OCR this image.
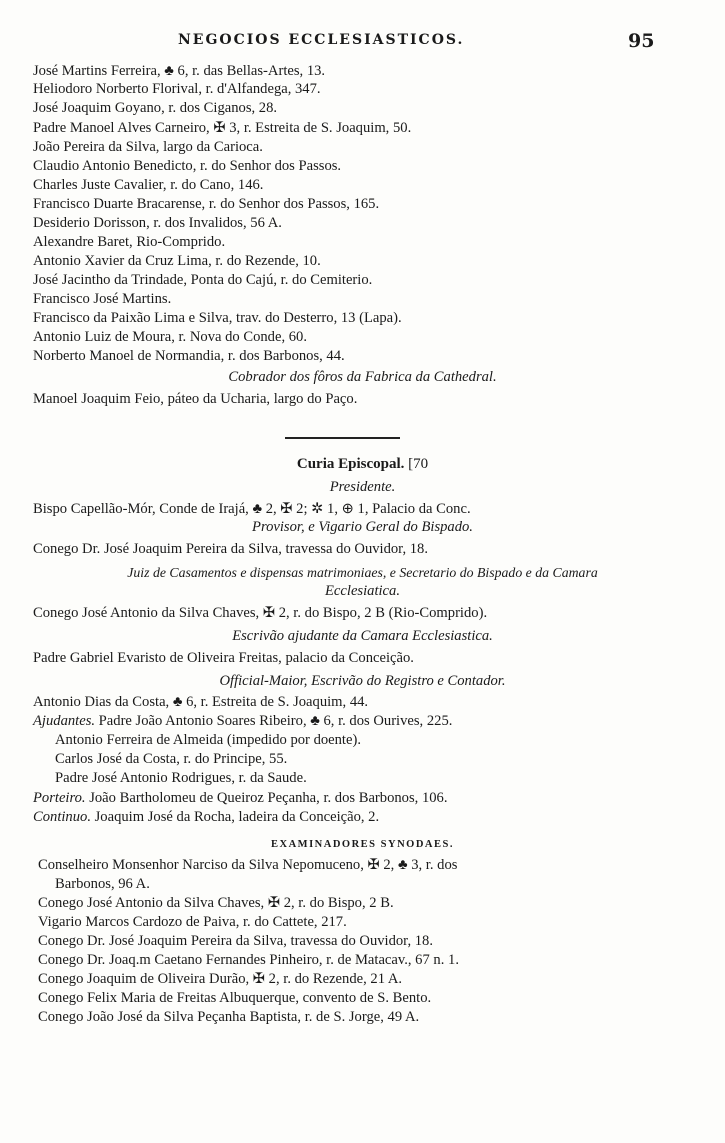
NEGOCIOS ECCLESIASTICOS.	95
José Martins Ferreira, ♣ 6, r. das Bellas-Artes, 13.
Heliodoro Norberto Florival, r. d'Alfandega, 347.
José Joaquim Goyano, r. dos Ciganos, 28.
Padre Manoel Alves Carneiro, ✠ 3, r. Estreita de S. Joaquim, 50.
João Pereira da Silva, largo da Carioca.
Claudio Antonio Benedicto, r. do Senhor dos Passos.
Charles Juste Cavalier, r. do Cano, 146.
Francisco Duarte Bracarense, r. do Senhor dos Passos, 165.
Desiderio Dorisson, r. dos Invalidos, 56 A.
Alexandre Baret, Rio-Comprido.
Antonio Xavier da Cruz Lima, r. do Rezende, 10.
José Jacintho da Trindade, Ponta do Cajú, r. do Cemiterio.
Francisco José Martins.
Francisco da Paixão Lima e Silva, trav. do Desterro, 13 (Lapa).
Antonio Luiz de Moura, r. Nova do Conde, 60.
Norberto Manoel de Normandia, r. dos Barbonos, 44.
Cobrador dos fôros da Fabrica da Cathedral.
Manoel Joaquim Feio, páteo da Ucharia, largo do Paço.
Curia Episcopal. [70
Presidente.
Bispo Capellão-Mór, Conde de Irajá, ♣ 2, ✠ 2; ✲ 1, ⊕ 1, Palacio da Conc.
Provisor, e Vigario Geral do Bispado.
Conego Dr. José Joaquim Pereira da Silva, travessa do Ouvidor, 18.
Juiz de Casamentos e dispensas matrimoniaes, e Secretario do Bispado e da Camara
Ecclesiatica.
Conego José Antonio da Silva Chaves, ✠ 2, r. do Bispo, 2 B (Rio-Comprido).
Escrivão ajudante da Camara Ecclesiastica.
Padre Gabriel Evaristo de Oliveira Freitas, palacio da Conceição.
Official-Maior, Escrivão do Registro e Contador.
Antonio Dias da Costa, ♣ 6, r. Estreita de S. Joaquim, 44.
Ajudantes. Padre João Antonio Soares Ribeiro, ♣ 6, r. dos Ourives, 225.
Antonio Ferreira de Almeida (impedido por doente).
Carlos José da Costa, r. do Principe, 55.
Padre José Antonio Rodrigues, r. da Saude.
Porteiro. João Bartholomeu de Queiroz Peçanha, r. dos Barbonos, 106.
Continuo. Joaquim José da Rocha, ladeira da Conceição, 2.
EXAMINADORES SYNODAES.
Conselheiro Monsenhor Narciso da Silva Nepomuceno, ✠ 2, ♣ 3, r. dos
Barbonos, 96 A.
Conego José Antonio da Silva Chaves, ✠ 2, r. do Bispo, 2 B.
Vigario Marcos Cardozo de Paiva, r. do Cattete, 217.
Conego Dr. José Joaquim Pereira da Silva, travessa do Ouvidor, 18.
Conego Dr. Joaq.m Caetano Fernandes Pinheiro, r. de Matacav., 67 n. 1.
Conego Joaquim de Oliveira Durão, ✠ 2, r. do Rezende, 21 A.
Conego Felix Maria de Freitas Albuquerque, convento de S. Bento.
Conego João José da Silva Peçanha Baptista, r. de S. Jorge, 49 A.
